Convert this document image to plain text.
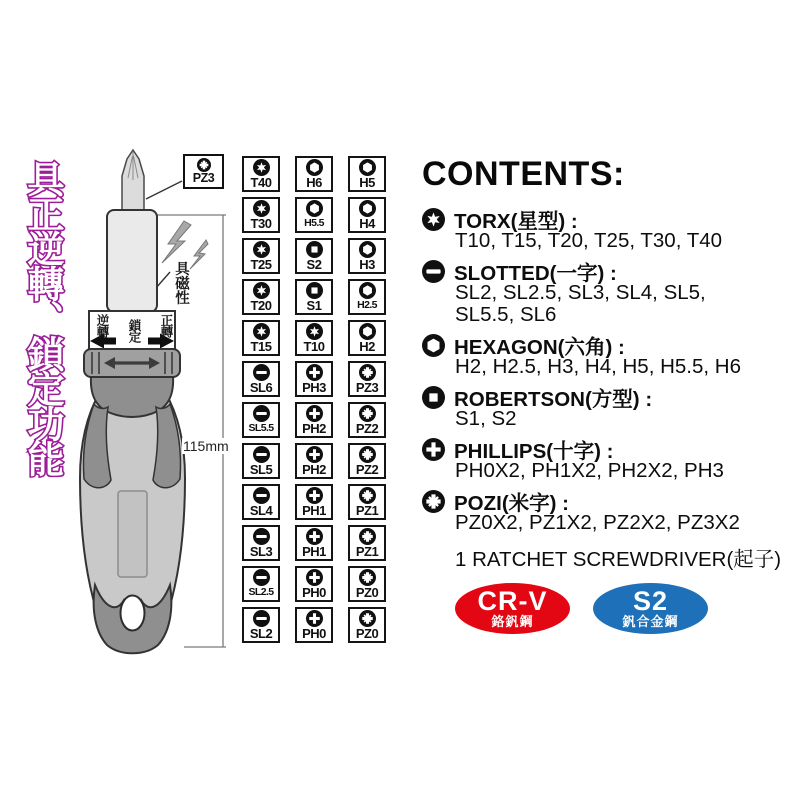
具正逆轉、鎖定功能	PZ3
具磁性
逆轉 鎖定 正轉
115mm
T40	H6	H5
T30	H5.5	H4
T25	S2	H3
T20	S1	H2.5
T15 T10	H2
SL6 PH3 PZ3
SL5.5 PH2 PZ2
SL5 PH2 PZ2
SL4 PH1 PZ1
SL3 PH1 PZ1
SL2.5 PH0 PZ0
SL2 PH0 PZ0
CONTENTS:
TORX(星型) :
T10, T15, T20, T25, T30, T40
SLOTTED(一字) :
SL2, SL2.5, SL3, SL4, SL5,
SL5.5, SL6
HEXAGON(六角) :
H2, H2.5, H3, H4, H5, H5.5, H6
ROBERTSON(方型) :
S1, S2
PHILLIPS(十字) :
PH0X2, PH1X2, PH2X2, PH3
POZI(米字) :
PZ0X2, PZ1X2, PZ2X2, PZ3X2
1 RATCHET SCREWDRIVER(起子)
CR-V
鉻釩鋼
S2
釩合金鋼
